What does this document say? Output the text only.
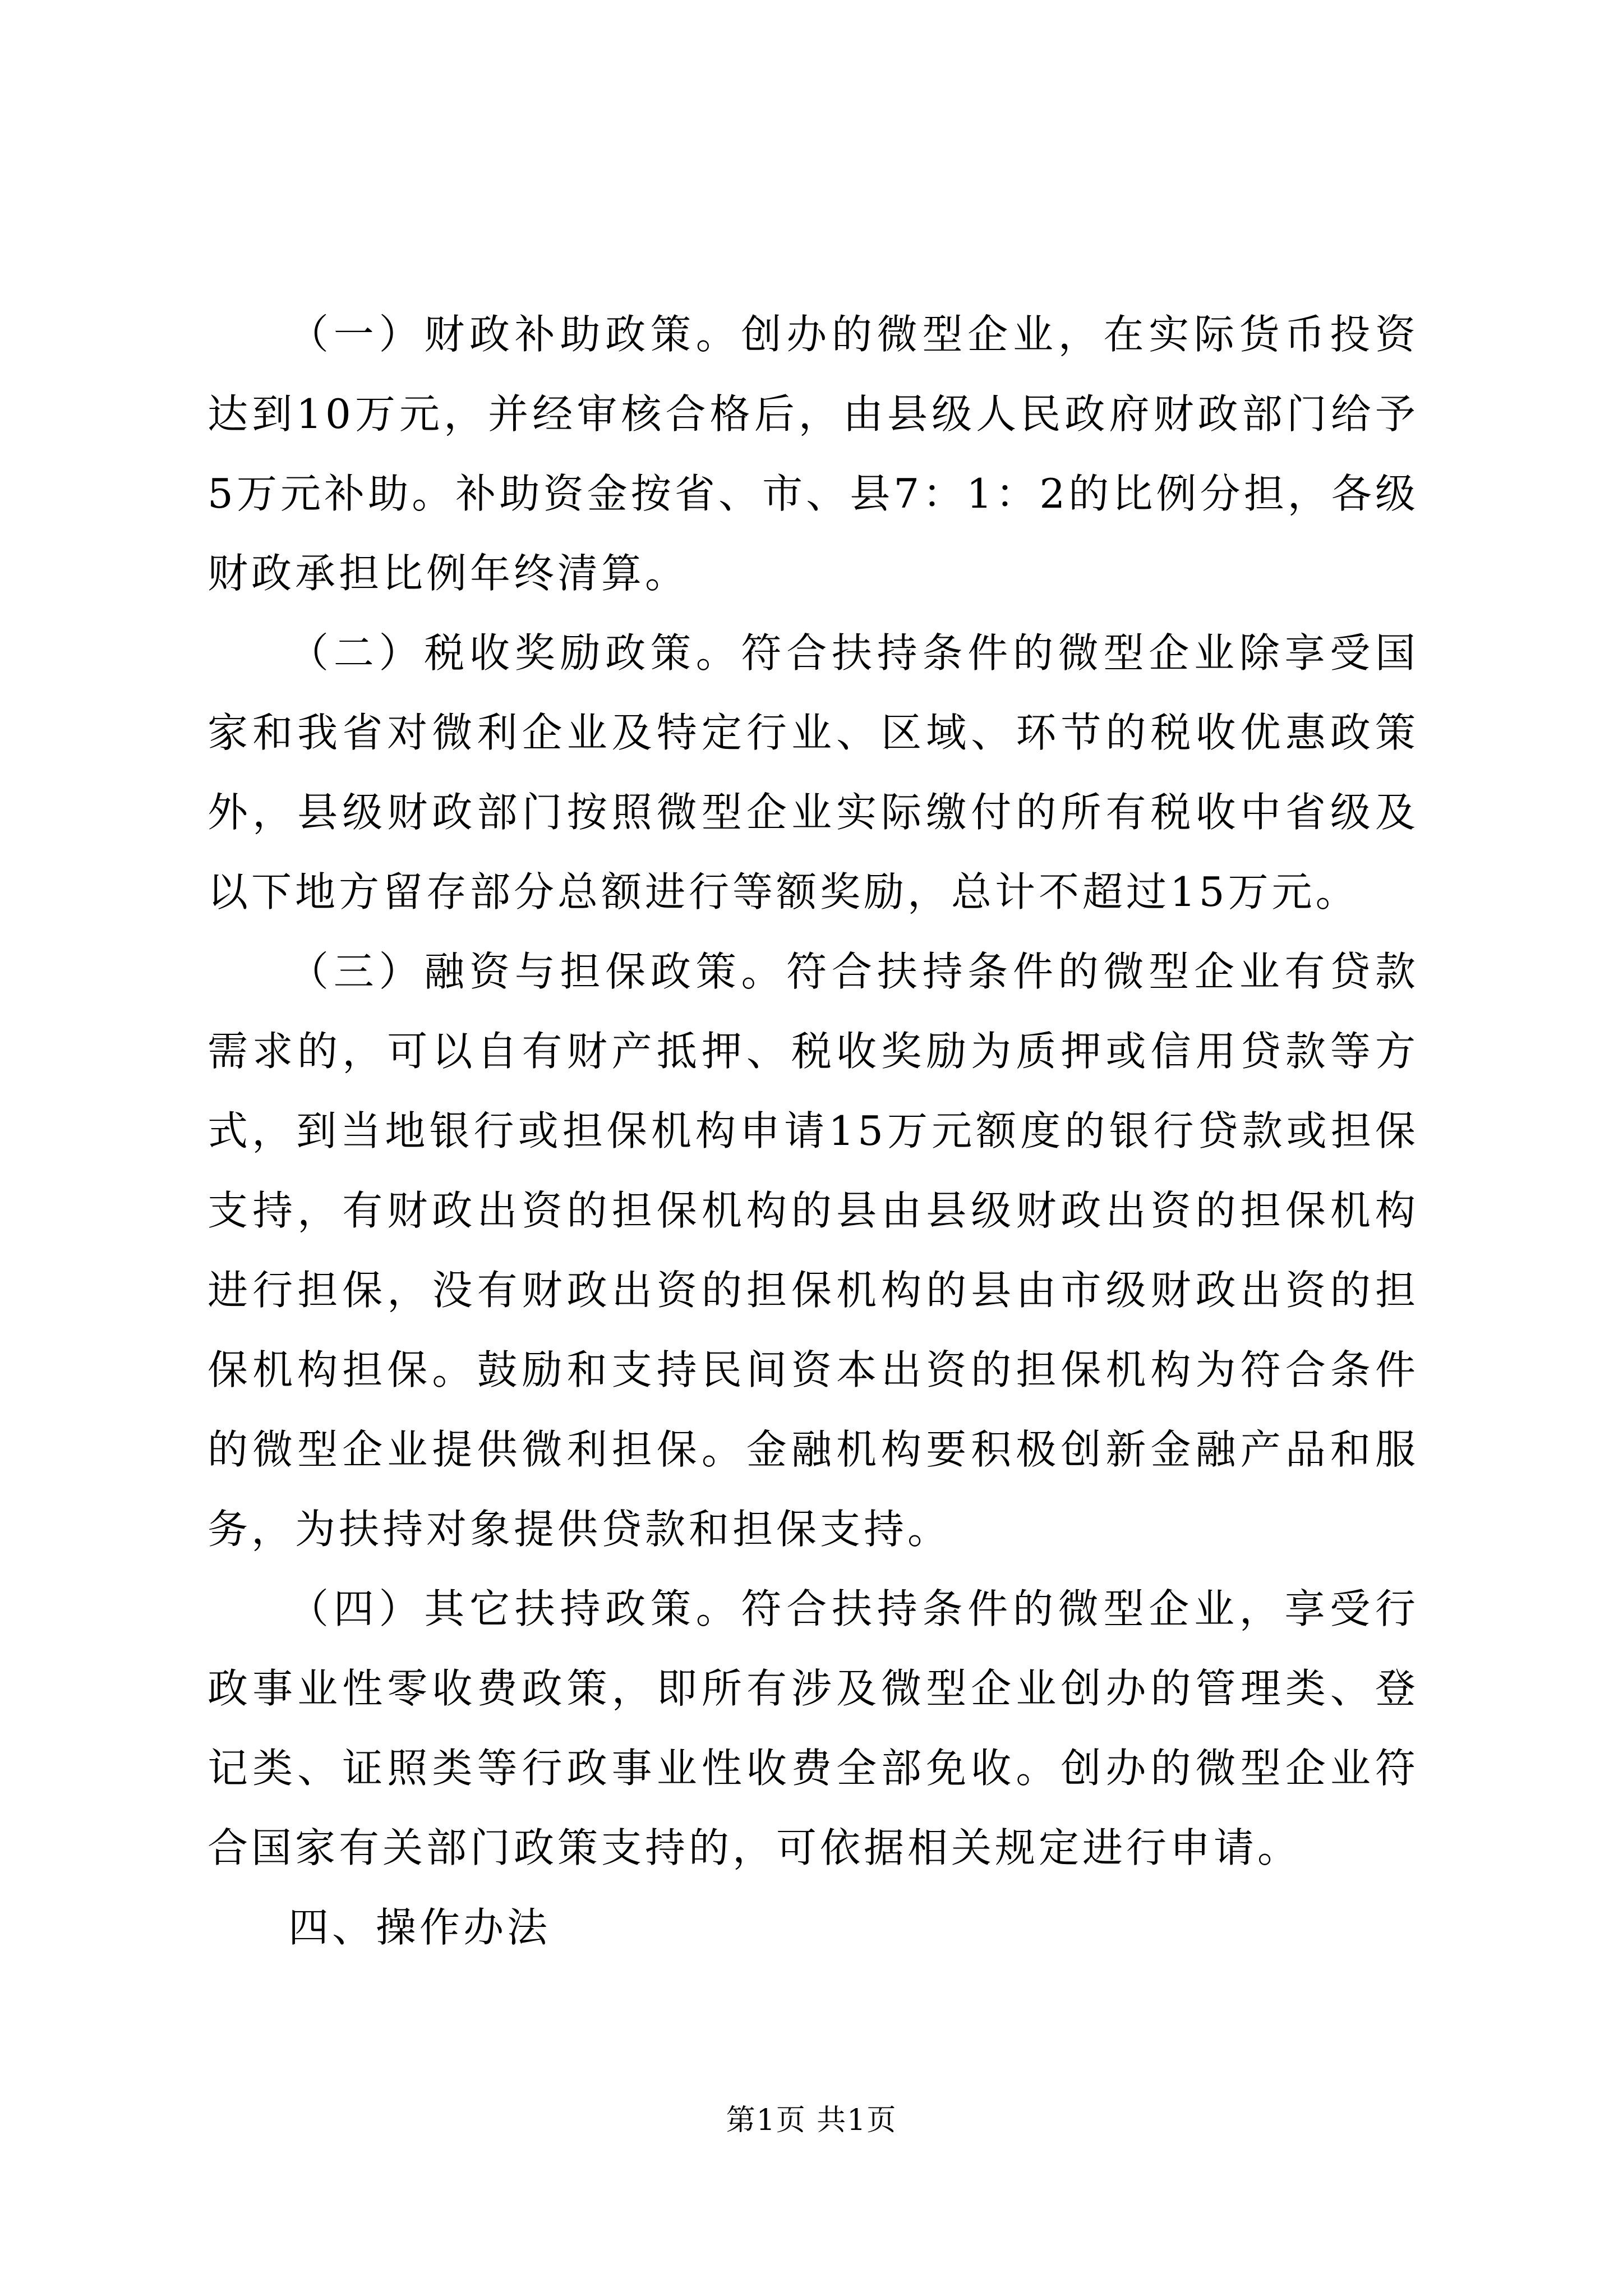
（一）财政补助政策。创办的微型企业，在实际货币投资达到10万元，并经审核合格后，由县级人民政府财政部门给予5万元补助。补助资金按省、市、县7：1：2的比例分担，各级财政承担比例年终清算。

（二）税收奖励政策。符合扶持条件的微型企业除享受国家和我省对微利企业及特定行业、区域、环节的税收优惠政策外，县级财政部门按照微型企业实际缴付的所有税收中省级及以下地方留存部分总额进行等额奖励，总计不超过15万元。

（三）融资与担保政策。符合扶持条件的微型企业有贷款需求的，可以自有财产抵押、税收奖励为质押或信用贷款等方式，到当地银行或担保机构申请15万元额度的银行贷款或担保支持，有财政出资的担保机构的县由县级财政出资的担保机构进行担保，没有财政出资的担保机构的县由市级财政出资的担保机构担保。鼓励和支持民间资本出资的担保机构为符合条件的微型企业提供微利担保。金融机构要积极创新金融产品和服务，为扶持对象提供贷款和担保支持。

（四）其它扶持政策。符合扶持条件的微型企业，享受行政事业性零收费政策，即所有涉及微型企业创办的管理类、登记类、证照类等行政事业性收费全部免收。创办的微型企业符合国家有关部门政策支持的，可依据相关规定进行申请。

四、操作办法

第1页 共1页
